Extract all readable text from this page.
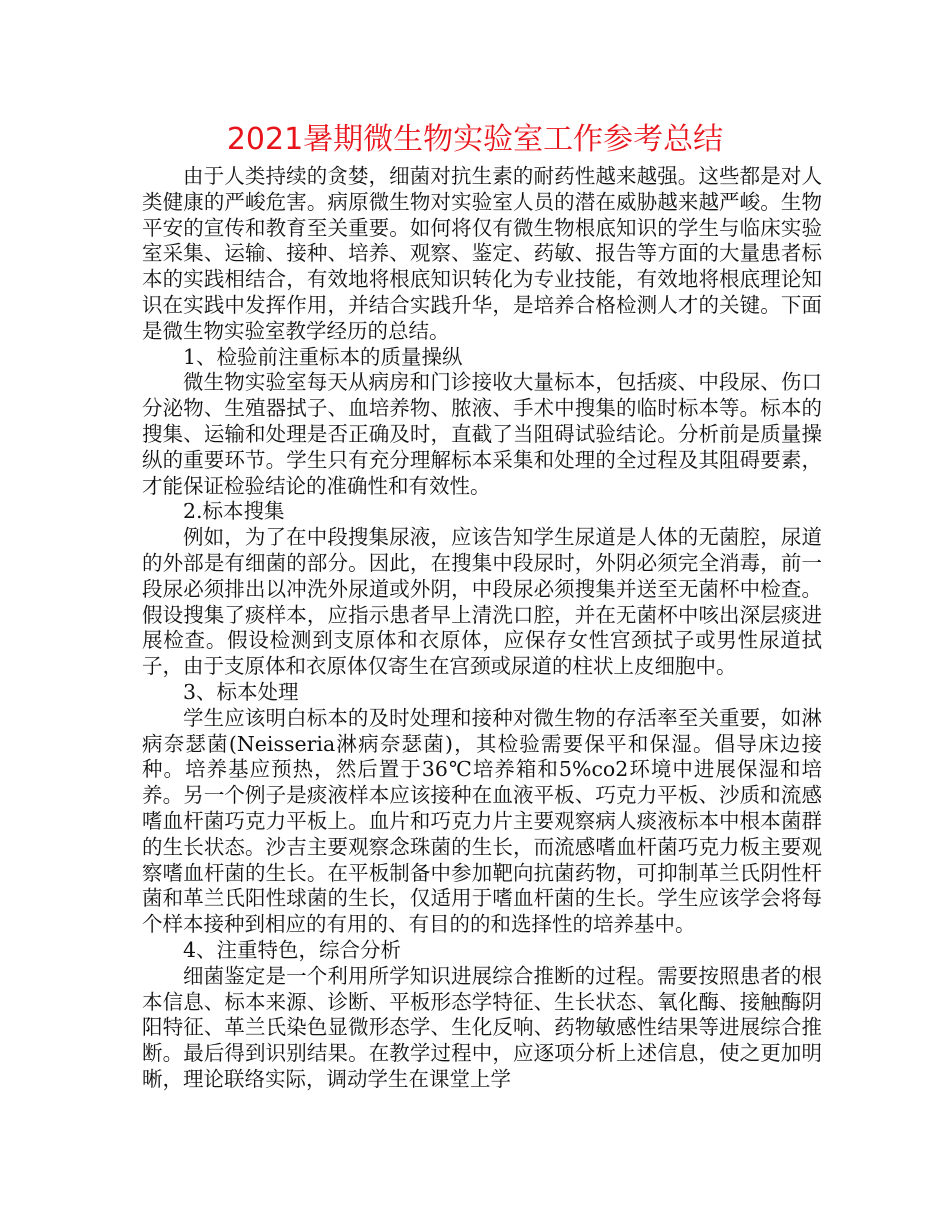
2021暑期微生物实验室工作参考总结

由于人类持续的贪婪，细菌对抗生素的耐药性越来越强。这些都是对人类健康的严峻危害。病原微生物对实验室人员的潜在威胁越来越严峻。生物平安的宣传和教育至关重要。如何将仅有微生物根底知识的学生与临床实验室采集、运输、接种、培养、观察、鉴定、药敏、报告等方面的大量患者标本的实践相结合，有效地将根底知识转化为专业技能，有效地将根底理论知识在实践中发挥作用，并结合实践升华，是培养合格检测人才的关键。下面是微生物实验室教学经历的总结。

1、检验前注重标本的质量操纵

微生物实验室每天从病房和门诊接收大量标本，包括痰、中段尿、伤口分泌物、生殖器拭子、血培养物、脓液、手术中搜集的临时标本等。标本的搜集、运输和处理是否正确及时，直截了当阻碍试验结论。分析前是质量操纵的重要环节。学生只有充分理解标本采集和处理的全过程及其阻碍要素，才能保证检验结论的准确性和有效性。

2.标本搜集

例如，为了在中段搜集尿液，应该告知学生尿道是人体的无菌腔，尿道的外部是有细菌的部分。因此，在搜集中段尿时，外阴必须完全消毒，前一段尿必须排出以冲洗外尿道或外阴，中段尿必须搜集并送至无菌杯中检查。假设搜集了痰样本，应指示患者早上清洗口腔，并在无菌杯中咳出深层痰进展检查。假设检测到支原体和衣原体，应保存女性宫颈拭子或男性尿道拭子，由于支原体和衣原体仅寄生在宫颈或尿道的柱状上皮细胞中。

3、标本处理

学生应该明白标本的及时处理和接种对微生物的存活率至关重要，如淋病奈瑟菌(Neisseria淋病奈瑟菌)，其检验需要保平和保湿。倡导床边接种。培养基应预热，然后置于36℃培养箱和5%co2环境中进展保湿和培养。另一个例子是痰液样本应该接种在血液平板、巧克力平板、沙质和流感嗜血杆菌巧克力平板上。血片和巧克力片主要观察病人痰液标本中根本菌群的生长状态。沙吉主要观察念珠菌的生长，而流感嗜血杆菌巧克力板主要观察嗜血杆菌的生长。在平板制备中参加靶向抗菌药物，可抑制革兰氏阴性杆菌和革兰氏阳性球菌的生长，仅适用于嗜血杆菌的生长。学生应该学会将每个样本接种到相应的有用的、有目的的和选择性的培养基中。

4、注重特色，综合分析

细菌鉴定是一个利用所学知识进展综合推断的过程。需要按照患者的根本信息、标本来源、诊断、平板形态学特征、生长状态、氧化酶、接触酶阴阳特征、革兰氏染色显微形态学、生化反响、药物敏感性结果等进展综合推断。最后得到识别结果。在教学过程中，应逐项分析上述信息，使之更加明晰，理论联络实际，调动学生在课堂上学
